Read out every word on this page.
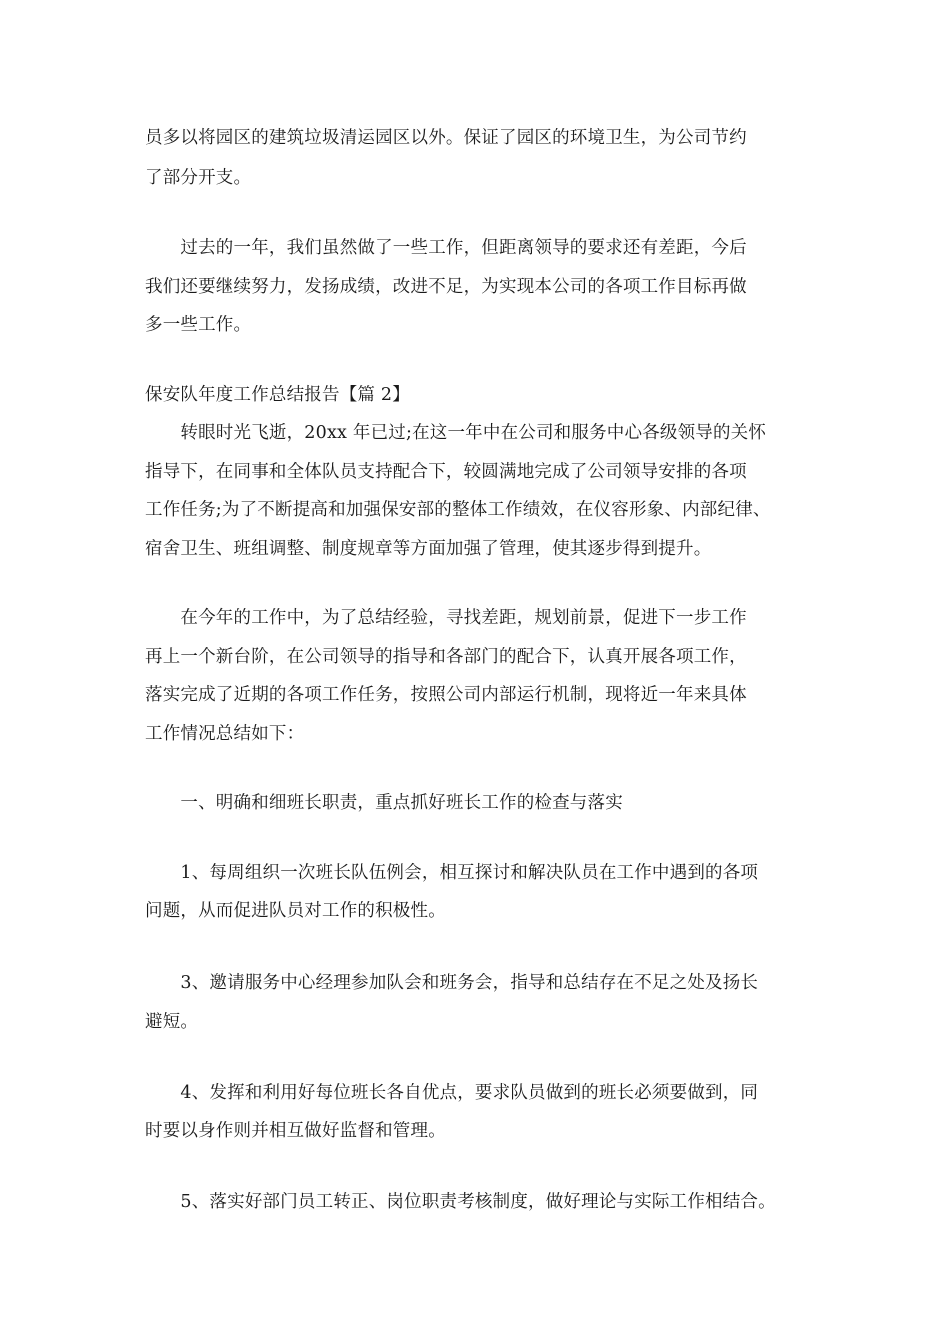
员多以将园区的建筑垃圾清运园区以外。保证了园区的环境卫生，为公司节约
了部分开支。
　　过去的一年，我们虽然做了一些工作，但距离领导的要求还有差距，今后
我们还要继续努力，发扬成绩，改进不足，为实现本公司的各项工作目标再做
多一些工作。
保安队年度工作总结报告【篇 2】
　　转眼时光飞逝，20xx 年已过;在这一年中在公司和服务中心各级领导的关怀
指导下，在同事和全体队员支持配合下，较圆满地完成了公司领导安排的各项
工作任务;为了不断提高和加强保安部的整体工作绩效，在仪容形象、内部纪律、
宿舍卫生、班组调整、制度规章等方面加强了管理，使其逐步得到提升。
　　在今年的工作中，为了总结经验，寻找差距，规划前景，促进下一步工作
再上一个新台阶，在公司领导的指导和各部门的配合下，认真开展各项工作，
落实完成了近期的各项工作任务，按照公司内部运行机制，现将近一年来具体
工作情况总结如下：
　　一、明确和细班长职责，重点抓好班长工作的检查与落实
　　1、每周组织一次班长队伍例会，相互探讨和解决队员在工作中遇到的各项
问题，从而促进队员对工作的积极性。
　　3、邀请服务中心经理参加队会和班务会，指导和总结存在不足之处及扬长
避短。
　　4、发挥和利用好每位班长各自优点，要求队员做到的班长必须要做到，同
时要以身作则并相互做好监督和管理。
　　5、落实好部门员工转正、岗位职责考核制度，做好理论与实际工作相结合。
